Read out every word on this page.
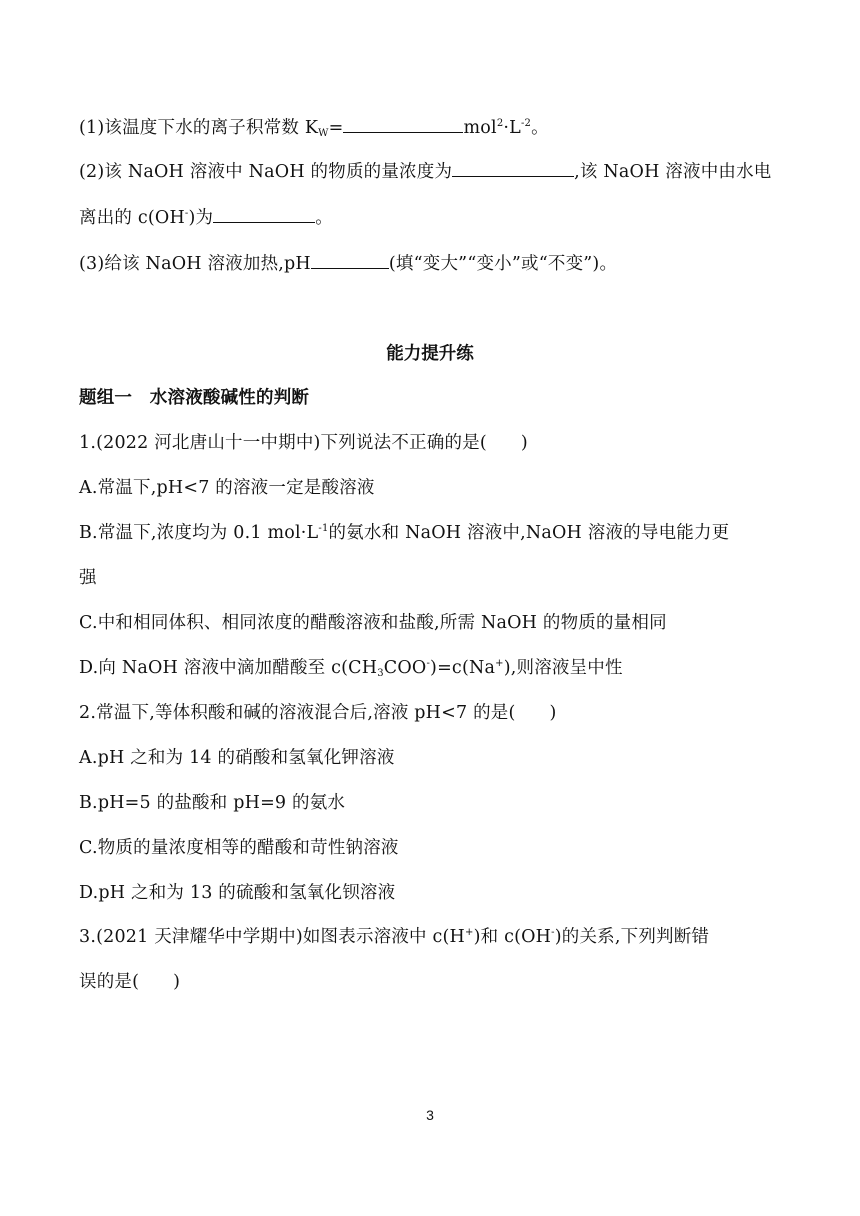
(1)该温度下水的离子积常数 $K_W=$	$mol^2\cdot L^{-2}$。
(2)该 NaOH 溶液中 NaOH 的物质的量浓度为	,该 NaOH 溶液中由水电
离出的 c(OH-)为	。
(3)给该 NaOH 溶液加热,pH	(填“变大”“变小”或“不变”)。
能力提升练
题组一　水溶液酸碱性的判断
1.(2022 河北唐山十一中期中)下列说法不正确的是( )
A.常温下,pH<7 的溶液一定是酸溶液
B.常温下,浓度均为 0.1 $mol\cdot L^{-1}$的氨水和 NaOH 溶液中,NaOH 溶液的导电能力更
强
C.中和相同体积、相同浓度的醋酸溶液和盐酸,所需 NaOH 的物质的量相同
D.向 NaOH 溶液中滴加醋酸至 $c(CH_3COO^-)=c(Na^+)$,则溶液呈中性
2.常温下,等体积酸和碱的溶液混合后,溶液 pH<7 的是( )
A.pH 之和为 14 的硝酸和氢氧化钾溶液
B.pH=5 的盐酸和 pH=9 的氨水
C.物质的量浓度相等的醋酸和苛性钠溶液
D.pH 之和为 13 的硫酸和氢氧化钡溶液
3.(2021 天津耀华中学期中)如图表示溶液中 c(H+)和 c(OH-)的关系,下列判断错
误的是( )
3
